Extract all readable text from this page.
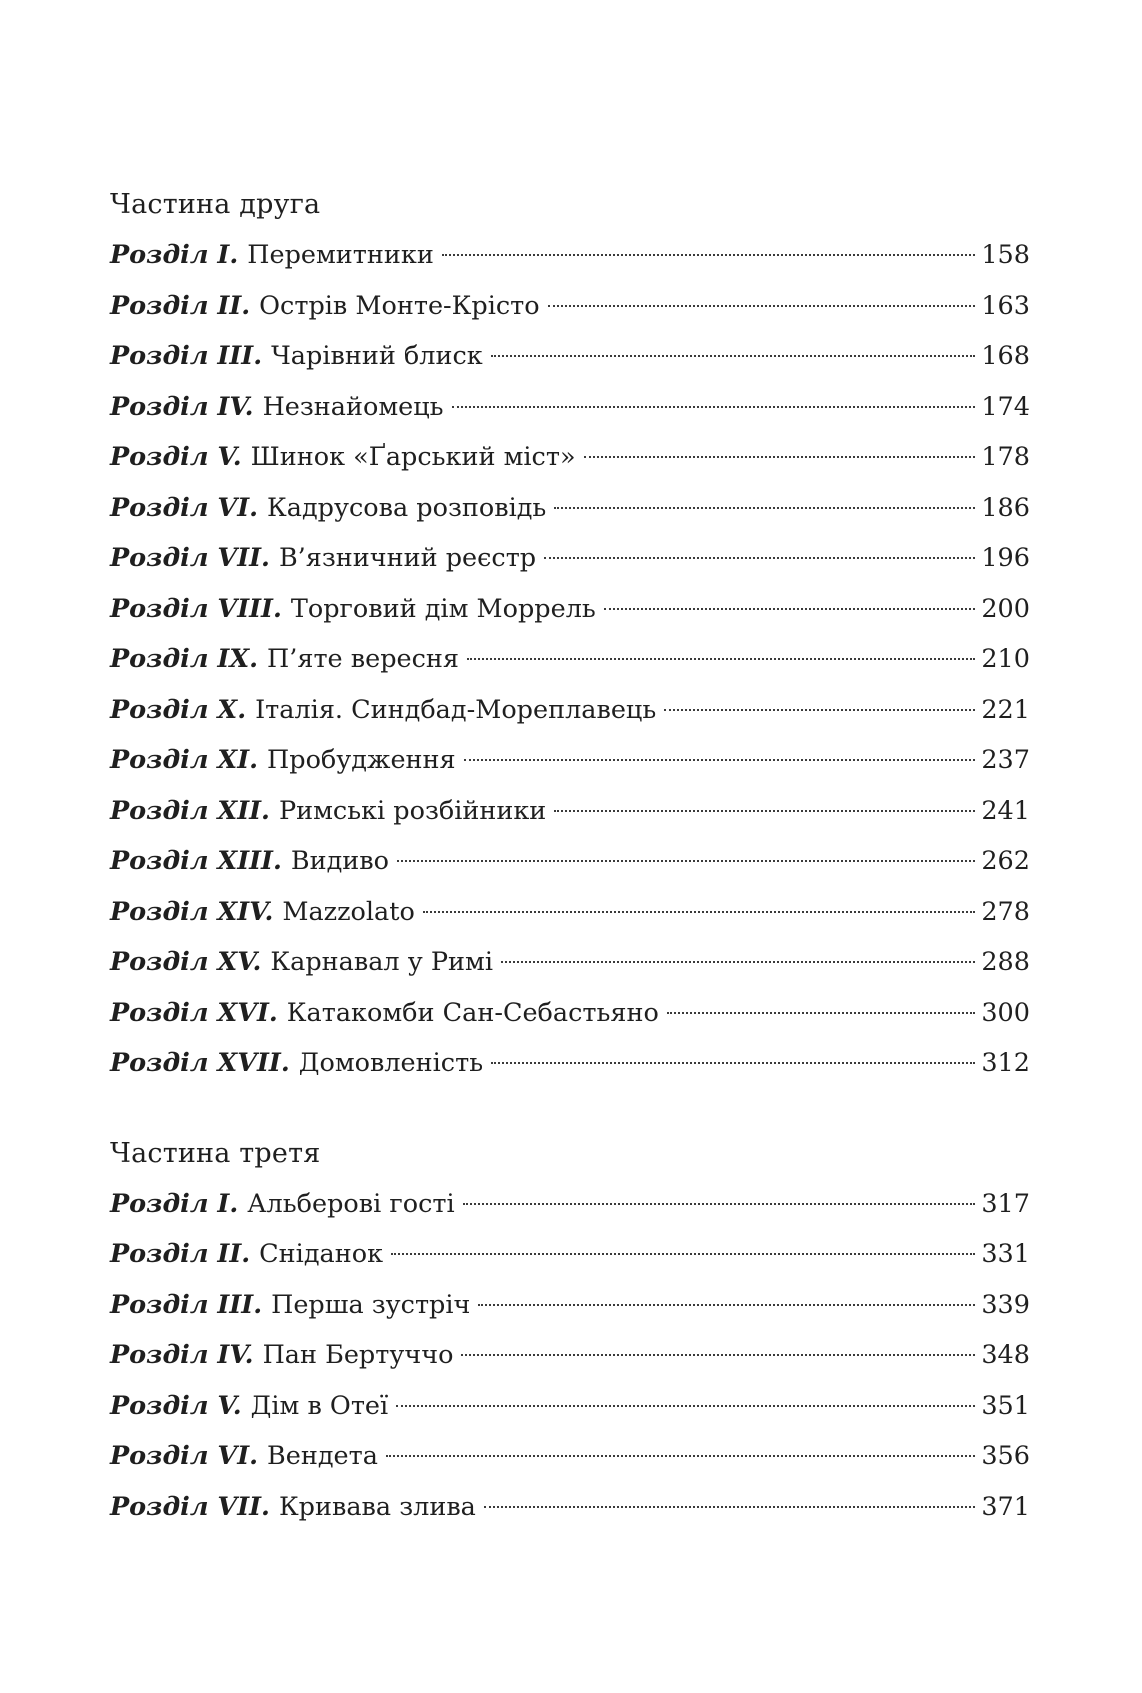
Частина друга
Розділ I. Перемитники	158
Розділ II. Острів Монте-Крісто	163
Розділ III. Чарівний блиск	168
Розділ IV. Незнайомець	174
Розділ V. Шинок «Ґарський міст»	178
Розділ VI. Кадрусова розповідь	186
Розділ VII. В’язничний реєстр	196
Розділ VIII. Торговий дім Моррель	200
Розділ IX. П’яте вересня	210
Розділ X. Італія. Синдбад-Мореплавець	221
Розділ XI. Пробудження	237
Розділ XII. Римські розбійники	241
Розділ XIII. Видиво	262
Розділ XIV. Mazzolato	278
Розділ XV. Карнавал у Римі	288
Розділ XVI. Катакомби Сан-Себастьяно	300
Розділ XVII. Домовленість	312
Частина третя
Розділ I. Альберові гості	317
Розділ II. Сніданок	331
Розділ III. Перша зустріч	339
Розділ IV. Пан Бертуччо	348
Розділ V. Дім в Отеї	351
Розділ VI. Вендета	356
Розділ VII. Кривава злива	371
